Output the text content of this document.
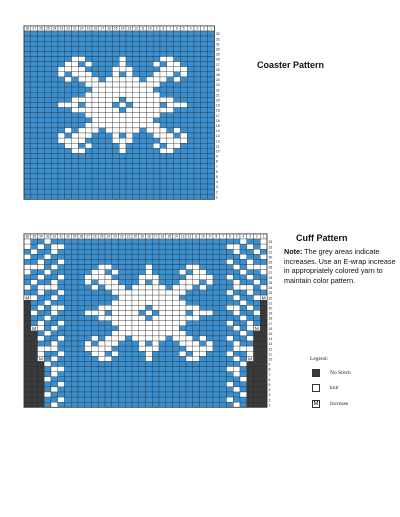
28 27 26 25 24 23 22 21 20 19 18 17 16 15 14 13 12 11 10 9 8 7 6 5 4 3 2 1
33
32
31
30
29
28
27
26
25
24
23
22
21
20
19
18
17
16
15
14
13
12
11
10
9
8
7
6
5
4
3
2
1
36 35 34 33 32 31 30 29 28 27 26 25 24 23 22 21 20 19 18 17 16 15 14 13 12 11 10 9 8 7 6 5 4 3 2 1
33
32
31
30
29
28
27
26
25
24
23
22
21
20
19
18
17
16
15
14
13
12
11
10
9
8
7
6
5
4
3
2
1
M	M
M	M
M	M
Coaster Pattern
Cuff Pattern
Note: The grey areas indicate increases. Use an E-wrap increase in appropriately colored yarn to maintain color pattern.
Legend:
No Stitch
knit
M Increase
